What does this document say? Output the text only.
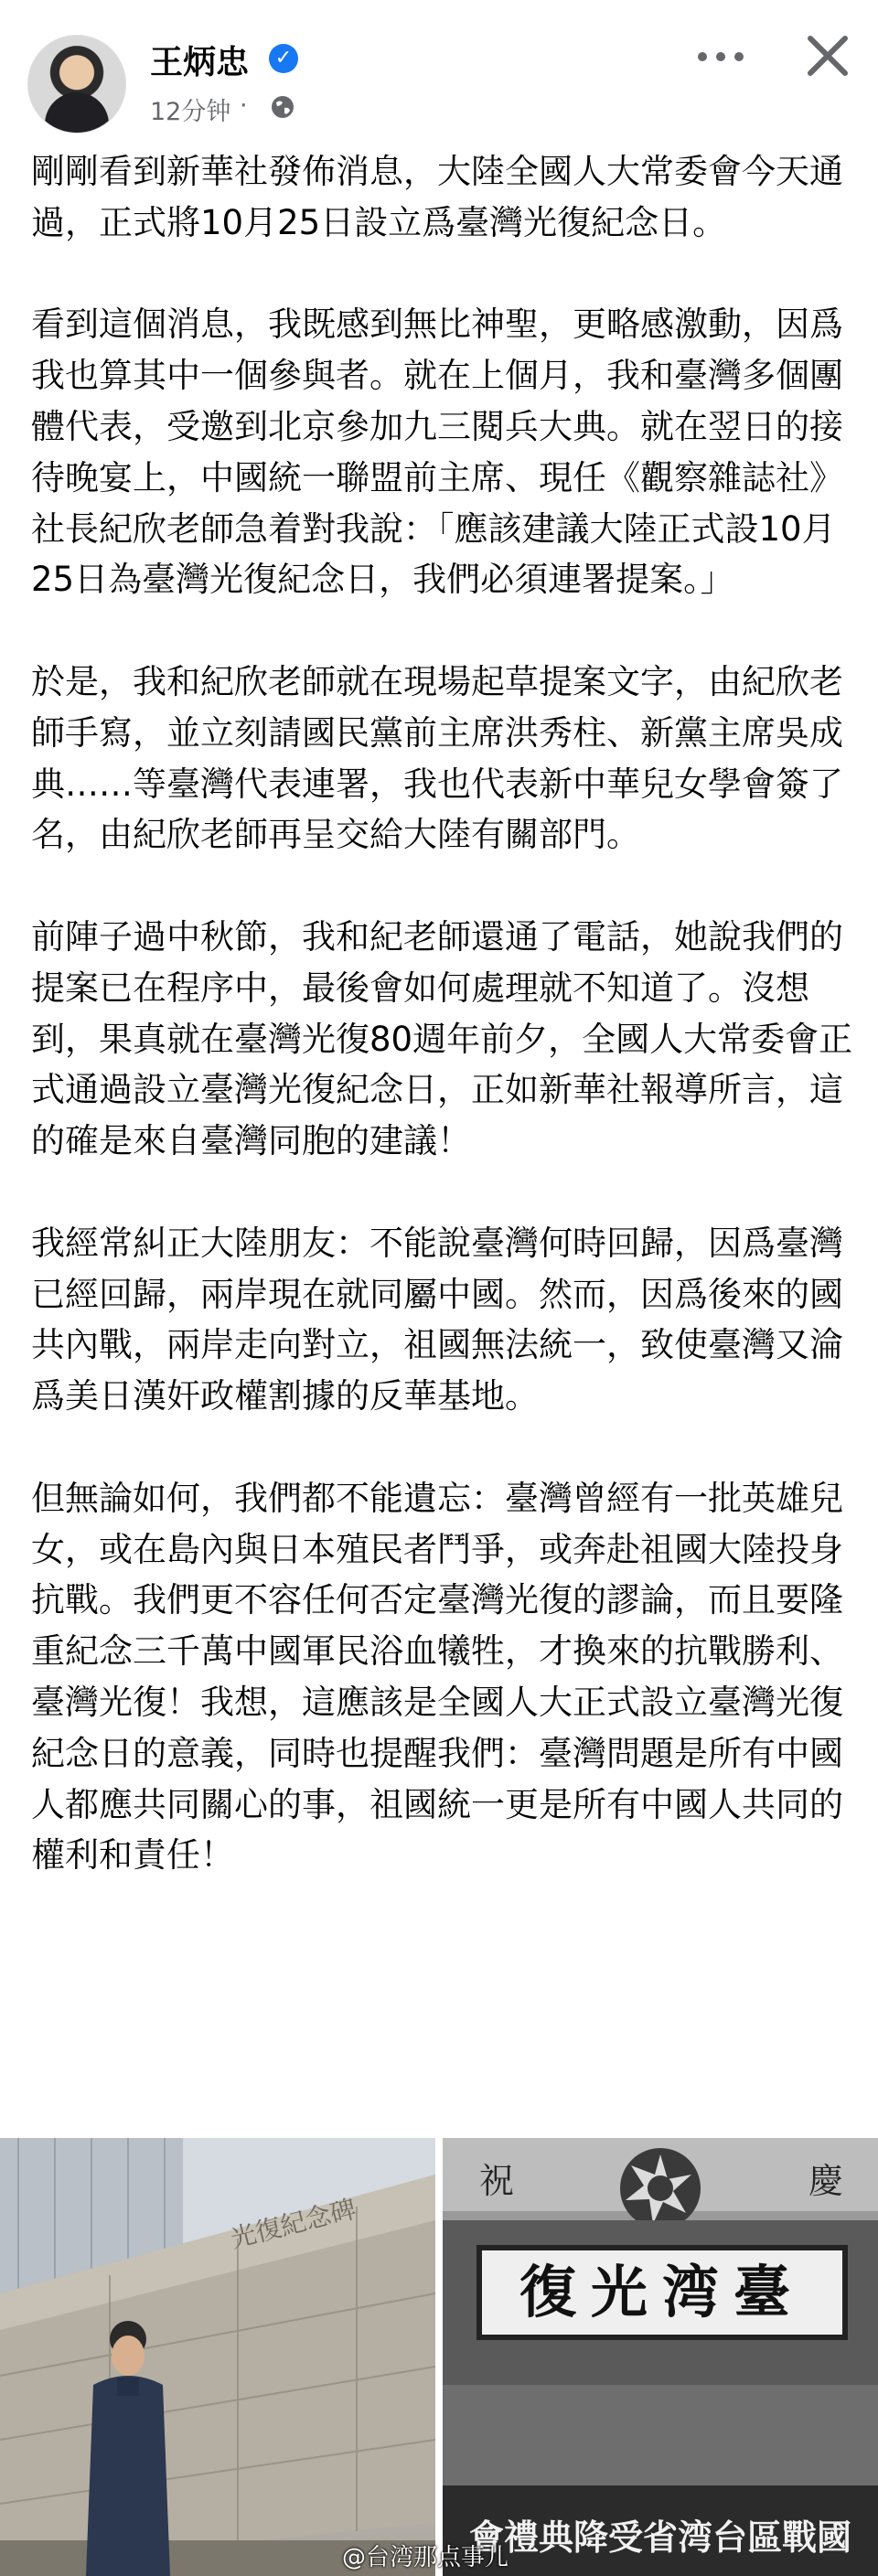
王炳忠	✓
12分钟 ·

剛剛看到新華社發佈消息，大陸全國人大常委會今天通過，正式將10月25日設立爲臺灣光復紀念日。

看到這個消息，我既感到無比神聖，更略感激動，因爲我也算其中一個參與者。就在上個月，我和臺灣多個團體代表，受邀到北京參加九三閱兵大典。就在翌日的接待晚宴上，中國統一聯盟前主席、現任《觀察雜誌社》社長紀欣老師急着對我說：「應該建議大陸正式設10月25日為臺灣光復紀念日，我們必須連署提案。」

於是，我和紀欣老師就在現場起草提案文字，由紀欣老師手寫，並立刻請國民黨前主席洪秀柱、新黨主席吳成典……等臺灣代表連署，我也代表新中華兒女學會簽了名，由紀欣老師再呈交給大陸有關部門。

前陣子過中秋節，我和紀老師還通了電話，她說我們的提案已在程序中，最後會如何處理就不知道了。沒想到，果真就在臺灣光復80週年前夕，全國人大常委會正式通過設立臺灣光復紀念日，正如新華社報導所言，這的確是來自臺灣同胞的建議！

我經常糾正大陸朋友：不能說臺灣何時回歸，因爲臺灣已經回歸，兩岸現在就同屬中國。然而，因爲後來的國共內戰，兩岸走向對立，祖國無法統一，致使臺灣又淪爲美日漢奸政權割據的反華基地。

但無論如何，我們都不能遺忘：臺灣曾經有一批英雄兒女，或在島內與日本殖民者鬥爭，或奔赴祖國大陸投身抗戰。我們更不容任何否定臺灣光復的謬論，而且要隆重紀念三千萬中國軍民浴血犧牲，才換來的抗戰勝利、臺灣光復！我想，這應該是全國人大正式設立臺灣光復紀念日的意義，同時也提醒我們：臺灣問題是所有中國人都應共同關心的事，祖國統一更是所有中國人共同的權利和責任！

光復紀念碑
祝	慶
復光湾臺
會禮典降受省湾台區戰國
@台湾那点事儿
